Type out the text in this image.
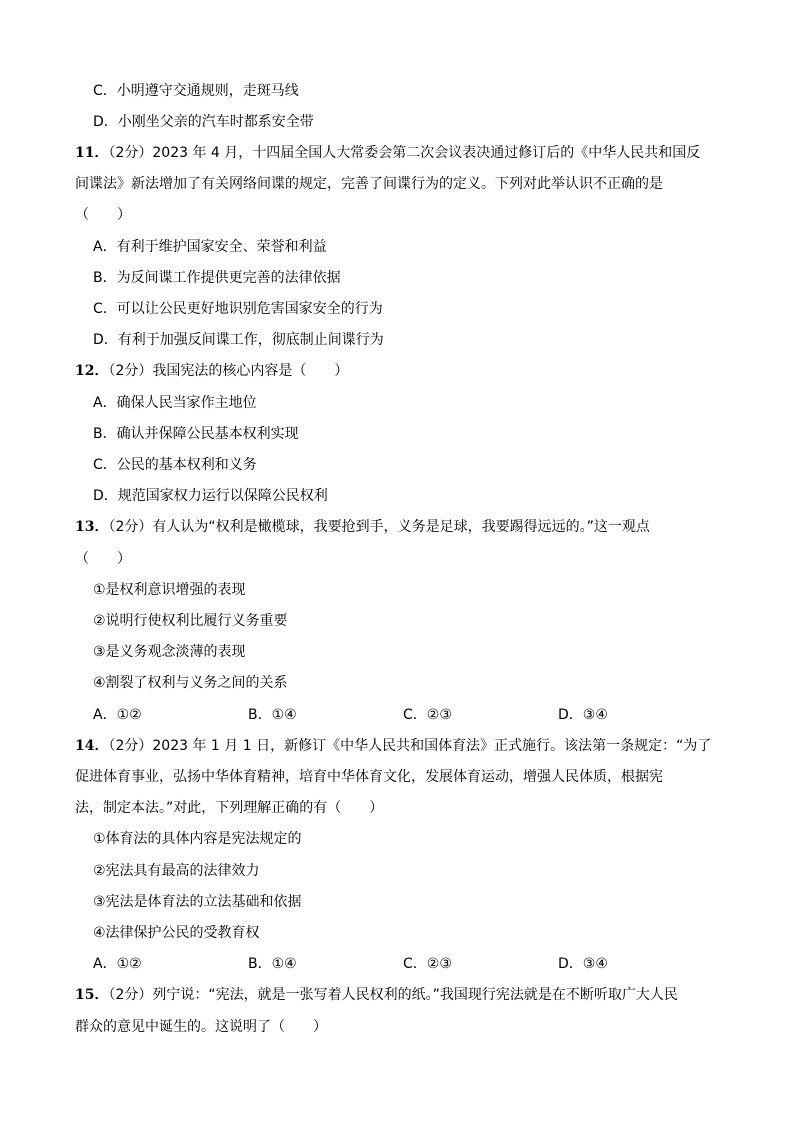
C．小明遵守交通规则，走斑马线
D．小刚坐父亲的汽车时都系安全带
11．（2分）2023 年 4 月，十四届全国人大常委会第二次会议表决通过修订后的《中华人民共和国反
间谍法》新法增加了有关网络间谍的规定，完善了间谍行为的定义。下列对此举认识不正确的是
（　　）
A．有利于维护国家安全、荣誉和利益
B．为反间谍工作提供更完善的法律依据
C．可以让公民更好地识别危害国家安全的行为
D．有利于加强反间谍工作，彻底制止间谍行为
12．（2分）我国宪法的核心内容是（　　）
A．确保人民当家作主地位
B．确认并保障公民基本权利实现
C．公民的基本权利和义务
D．规范国家权力运行以保障公民权利
13．（2分）有人认为“权利是橄榄球，我要抢到手，义务是足球，我要踢得远远的。”这一观点
（　　）
①是权利意识增强的表现
②说明行使权利比履行义务重要
③是义务观念淡薄的表现
④割裂了权利与义务之间的关系
A．①②	B．①④	C．②③	D．③④
14．（2分）2023 年 1 月 1 日，新修订《中华人民共和国体育法》正式施行。该法第一条规定：“为了
促进体育事业，弘扬中华体育精神，培育中华体育文化，发展体育运动，增强人民体质，根据宪
法，制定本法。”对此，下列理解正确的有（　　）
①体育法的具体内容是宪法规定的
②宪法具有最高的法律效力
③宪法是体育法的立法基础和依据
④法律保护公民的受教育权
A．①②	B．①④	C．②③	D．③④
15．（2分）列宁说：“宪法，就是一张写着人民权利的纸。”我国现行宪法就是在不断听取广大人民
群众的意见中诞生的。这说明了（　　）
